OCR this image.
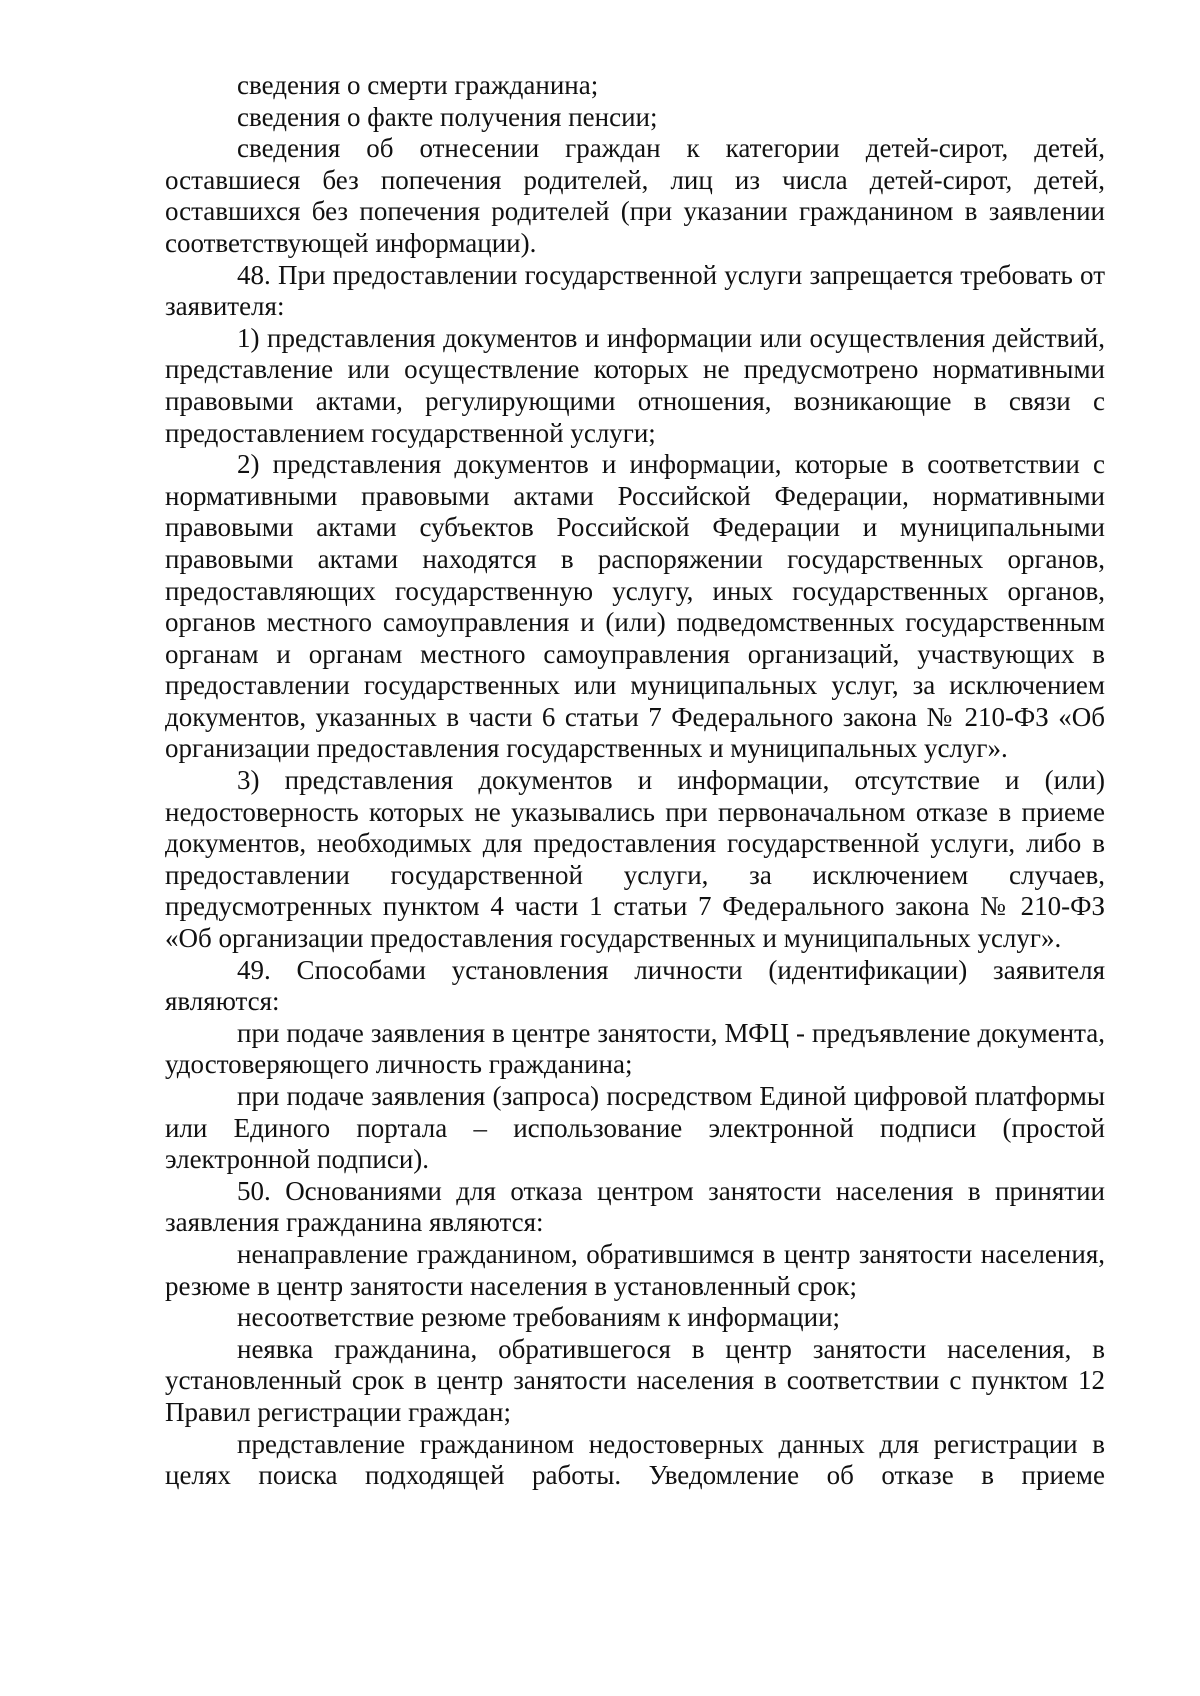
сведения о смерти гражданина;

сведения о факте получения пенсии;

сведения об отнесении граждан к категории детей-сирот, детей, оставшиеся без попечения родителей, лиц из числа детей-сирот, детей, оставшихся без попечения родителей (при указании гражданином в заявлении соответствующей информации).

48. При предоставлении государственной услуги запрещается требовать от заявителя:

1) представления документов и информации или осуществления действий, представление или осуществление которых не предусмотрено нормативными правовыми актами, регулирующими отношения, возникающие в связи с предоставлением государственной услуги;

2) представления документов и информации, которые в соответствии с нормативными правовыми актами Российской Федерации, нормативными правовыми актами субъектов Российской Федерации и муниципальными правовыми актами находятся в распоряжении государственных органов, предоставляющих государственную услугу, иных государственных органов, органов местного самоуправления и (или) подведомственных государственным органам и органам местного самоуправления организаций, участвующих в предоставлении государственных или муниципальных услуг, за исключением документов, указанных в части 6 статьи 7 Федерального закона № 210-ФЗ «Об организации предоставления государственных и муниципальных услуг».

3) представления документов и информации, отсутствие и (или) недостоверность которых не указывались при первоначальном отказе в приеме документов, необходимых для предоставления государственной услуги, либо в предоставлении государственной услуги, за исключением случаев, предусмотренных пунктом 4 части 1 статьи 7 Федерального закона № 210-ФЗ «Об организации предоставления государственных и муниципальных услуг».

49. Способами установления личности (идентификации) заявителя являются:

при подаче заявления в центре занятости, МФЦ - предъявление документа, удостоверяющего личность гражданина;

при подаче заявления (запроса) посредством Единой цифровой платформы или Единого портала – использование электронной подписи (простой электронной подписи).

50. Основаниями для отказа центром занятости населения в принятии заявления гражданина являются:

ненаправление гражданином, обратившимся в центр занятости населения, резюме в центр занятости населения в установленный срок;

несоответствие резюме требованиям к информации;

неявка гражданина, обратившегося в центр занятости населения, в установленный срок в центр занятости населения в соответствии с пунктом 12 Правил регистрации граждан;

представление гражданином недостоверных данных для регистрации в целях поиска подходящей работы. Уведомление об отказе в приеме
